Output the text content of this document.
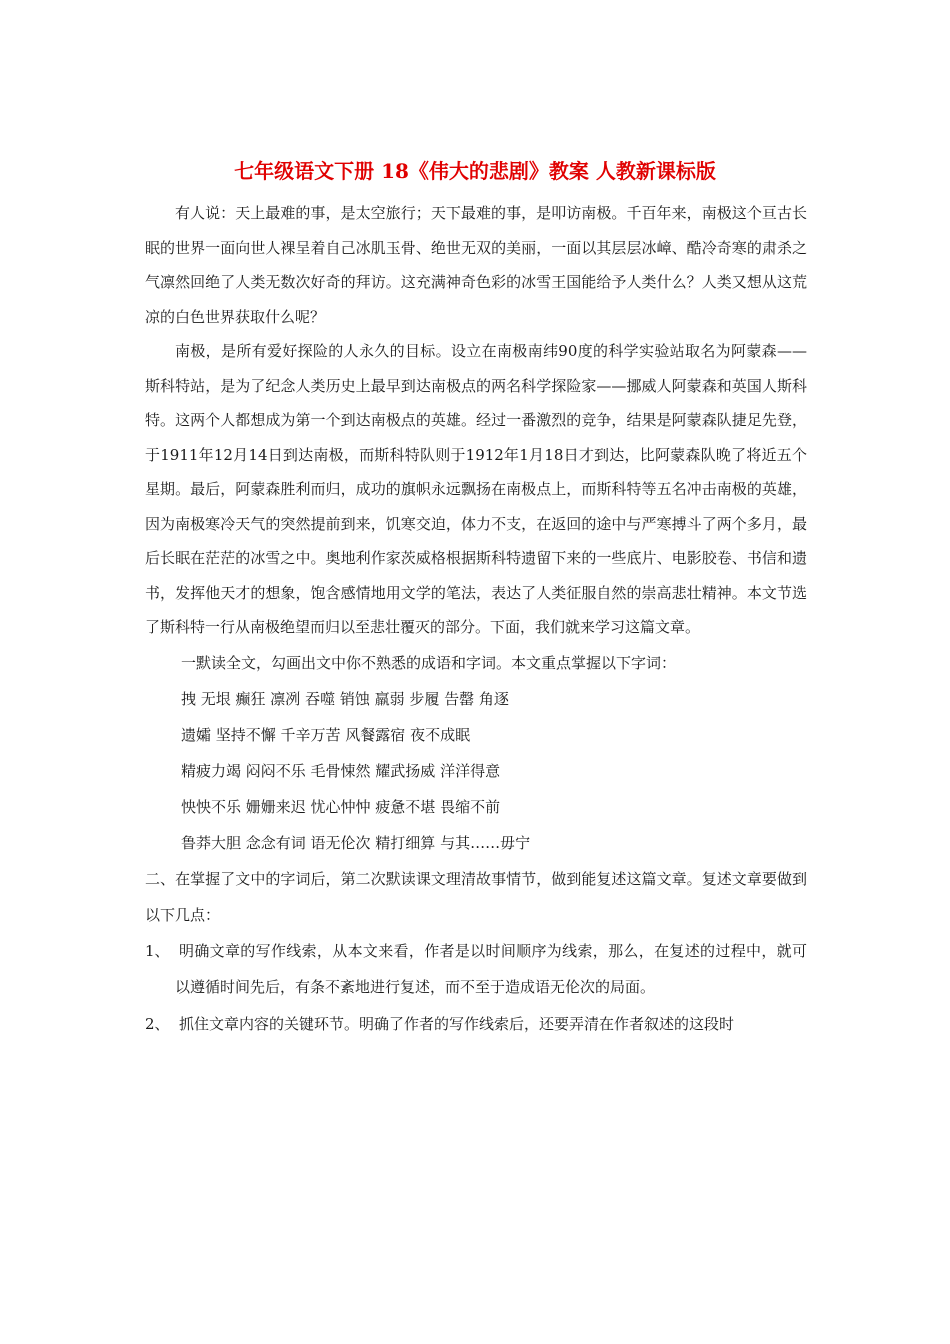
七年级语文下册 18《伟大的悲剧》教案 人教新课标版

有人说：天上最难的事，是太空旅行；天下最难的事，是叩访南极。千百年来，南极这个亘古长眠的世界一面向世人裸呈着自己冰肌玉骨、绝世无双的美丽，一面以其层层冰嶂、酷冷奇寒的肃杀之气凛然回绝了人类无数次好奇的拜访。这充满神奇色彩的冰雪王国能给予人类什么？人类又想从这荒凉的白色世界获取什么呢？

南极，是所有爱好探险的人永久的目标。设立在南极南纬90度的科学实验站取名为阿蒙森——斯科特站，是为了纪念人类历史上最早到达南极点的两名科学探险家——挪威人阿蒙森和英国人斯科特。这两个人都想成为第一个到达南极点的英雄。经过一番激烈的竞争，结果是阿蒙森队捷足先登，于1911年12月14日到达南极，而斯科特队则于1912年1月18日才到达，比阿蒙森队晚了将近五个星期。最后，阿蒙森胜利而归，成功的旗帜永远飘扬在南极点上，而斯科特等五名冲击南极的英雄，因为南极寒冷天气的突然提前到来，饥寒交迫，体力不支，在返回的途中与严寒搏斗了两个多月，最后长眠在茫茫的冰雪之中。奥地利作家茨威格根据斯科特遗留下来的一些底片、电影胶卷、书信和遗书，发挥他天才的想象，饱含感情地用文学的笔法，表达了人类征服自然的崇高悲壮精神。本文节选了斯科特一行从南极绝望而归以至悲壮覆灭的部分。下面，我们就来学习这篇文章。

一默读全文，勾画出文中你不熟悉的成语和字词。本文重点掌握以下字词：

拽 无垠 癫狂 凛冽 吞噬 销蚀 羸弱 步履 告罄 角逐

遗孀 坚持不懈 千辛万苦 风餐露宿 夜不成眠

精疲力竭 闷闷不乐 毛骨悚然 耀武扬威 洋洋得意

怏怏不乐 姗姗来迟 忧心忡忡 疲惫不堪 畏缩不前

鲁莽大胆 念念有词 语无伦次 精打细算 与其……毋宁

二、在掌握了文中的字词后，第二次默读课文理清故事情节，做到能复述这篇文章。复述文章要做到以下几点：

1、 明确文章的写作线索，从本文来看，作者是以时间顺序为线索，那么，在复述的过程中，就可以遵循时间先后，有条不紊地进行复述，而不至于造成语无伦次的局面。
2、 抓住文章内容的关键环节。明确了作者的写作线索后，还要弄清在作者叙述的这段时
